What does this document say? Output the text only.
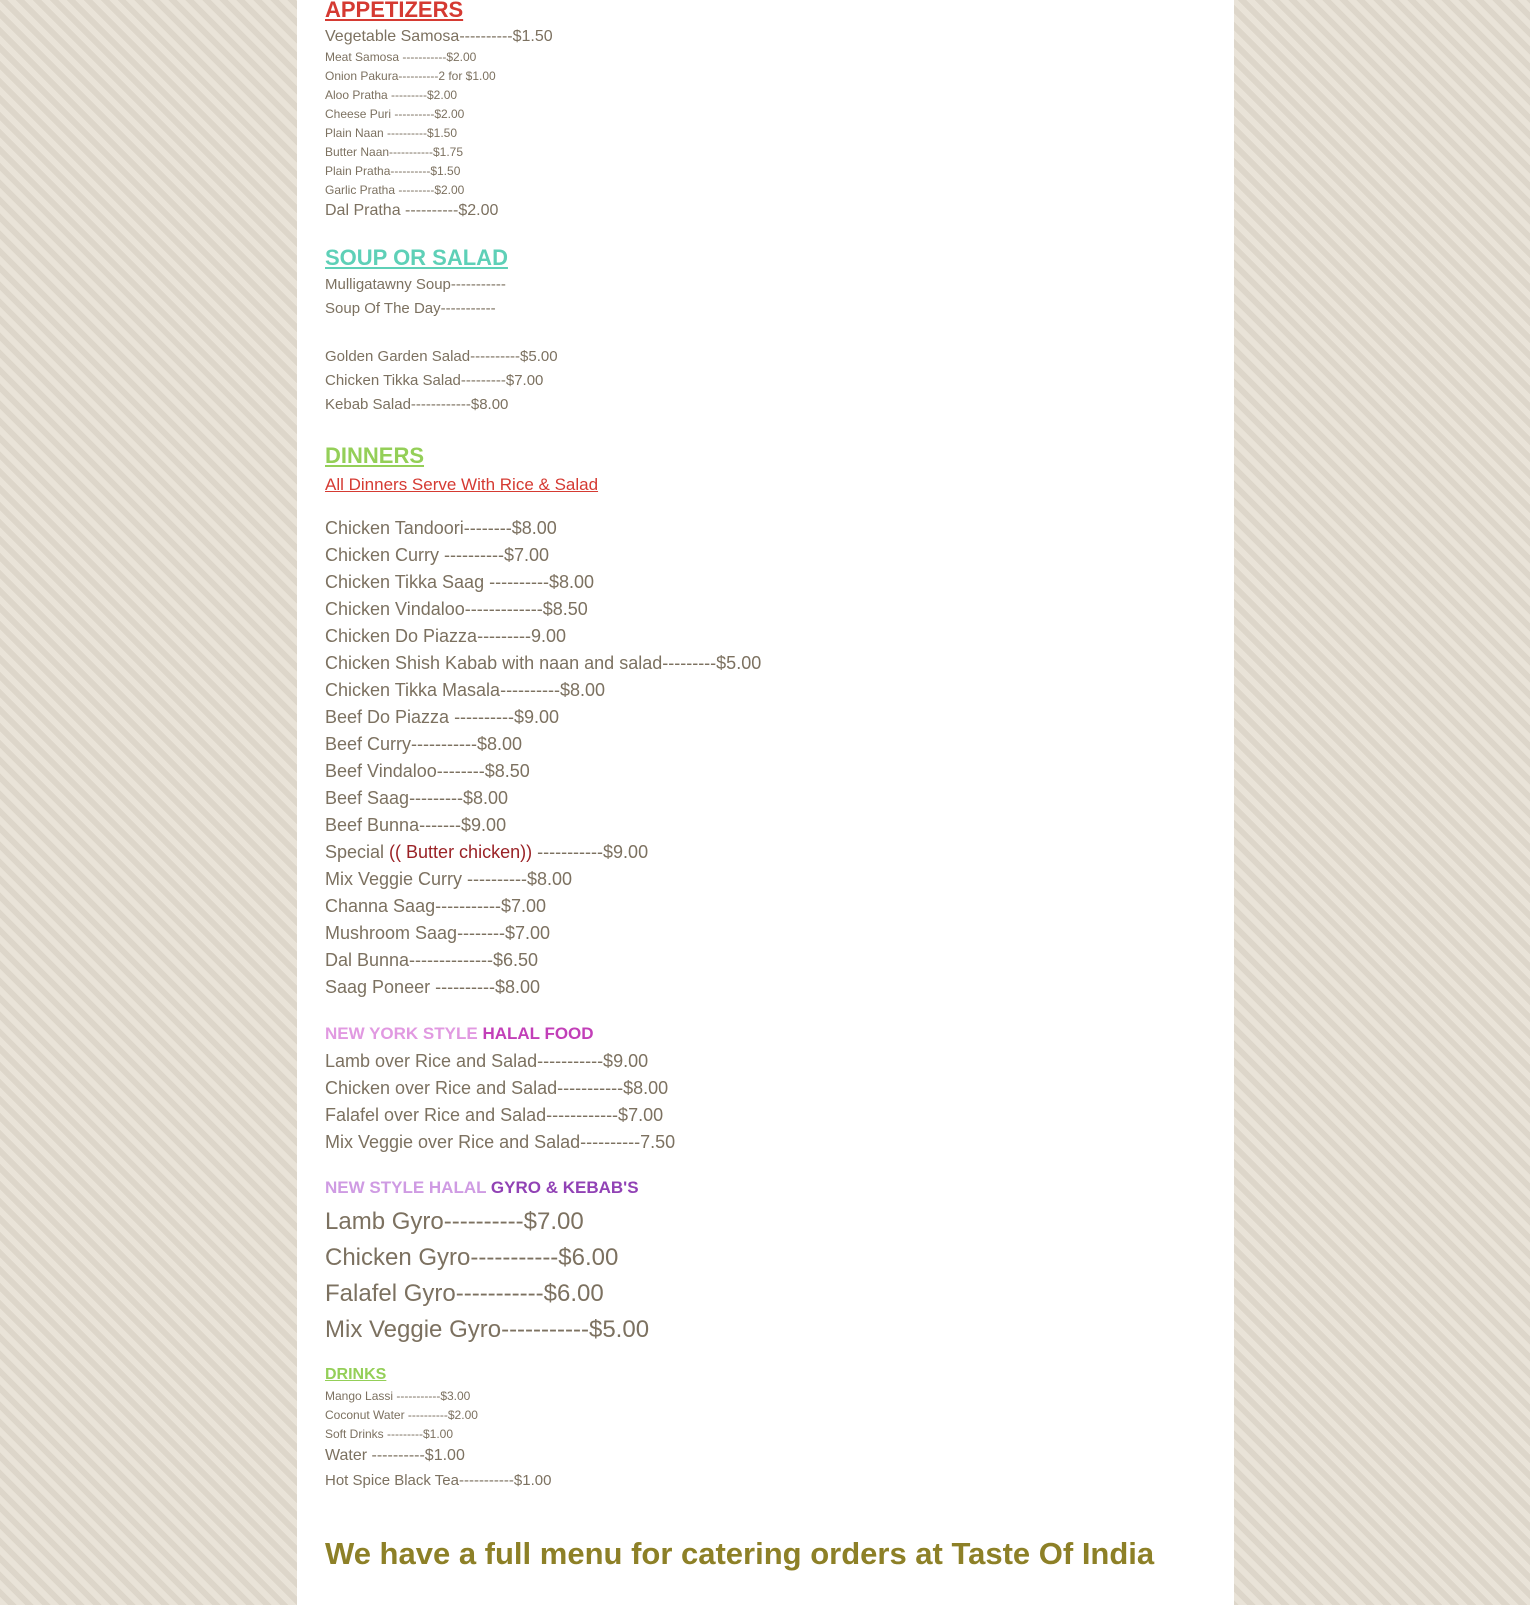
APPETIZERS
Vegetable Samosa----------$1.50
Meat Samosa -----------$2.00
Onion Pakura----------2 for $1.00
Aloo Pratha ---------$2.00
Cheese Puri ----------$2.00
Plain Naan ----------$1.50
Butter Naan-----------$1.75
Plain Pratha----------$1.50
Garlic Pratha ---------$2.00
Dal Pratha ----------$2.00
SOUP OR SALAD
Mulligatawny Soup-----------
Soup Of The Day-----------
Golden Garden Salad----------$5.00
Chicken Tikka Salad---------$7.00
Kebab Salad------------$8.00
DINNERS
All Dinners Serve With Rice & Salad
Chicken Tandoori--------$8.00
Chicken Curry ----------$7.00
Chicken Tikka Saag ----------$8.00
Chicken Vindaloo-------------$8.50
Chicken Do Piazza---------9.00
Chicken Shish Kabab with naan and salad---------$5.00
Chicken Tikka Masala----------$8.00
Beef Do Piazza ----------$9.00
Beef Curry-----------$8.00
Beef Vindaloo--------$8.50
Beef Saag---------$8.00
Beef Bunna-------$9.00
Special (( Butter chicken)) -----------$9.00
Mix Veggie Curry ----------$8.00
Channa Saag-----------$7.00
Mushroom Saag--------$7.00
Dal Bunna--------------$6.50
Saag Poneer ----------$8.00
NEW YORK STYLE HALAL FOOD
Lamb over Rice and Salad-----------$9.00
Chicken over Rice and Salad-----------$8.00
Falafel over Rice and Salad------------$7.00
Mix Veggie over Rice and Salad----------7.50
NEW STYLE HALAL GYRO & KEBAB'S
Lamb Gyro----------$7.00
Chicken Gyro-----------$6.00
Falafel Gyro-----------$6.00
Mix Veggie Gyro-----------$5.00
DRINKS
Mango Lassi -----------$3.00
Coconut Water ----------$2.00
Soft Drinks ---------$1.00
Water ----------$1.00
Hot Spice Black Tea-----------$1.00
We have a full menu for catering orders at Taste Of India
